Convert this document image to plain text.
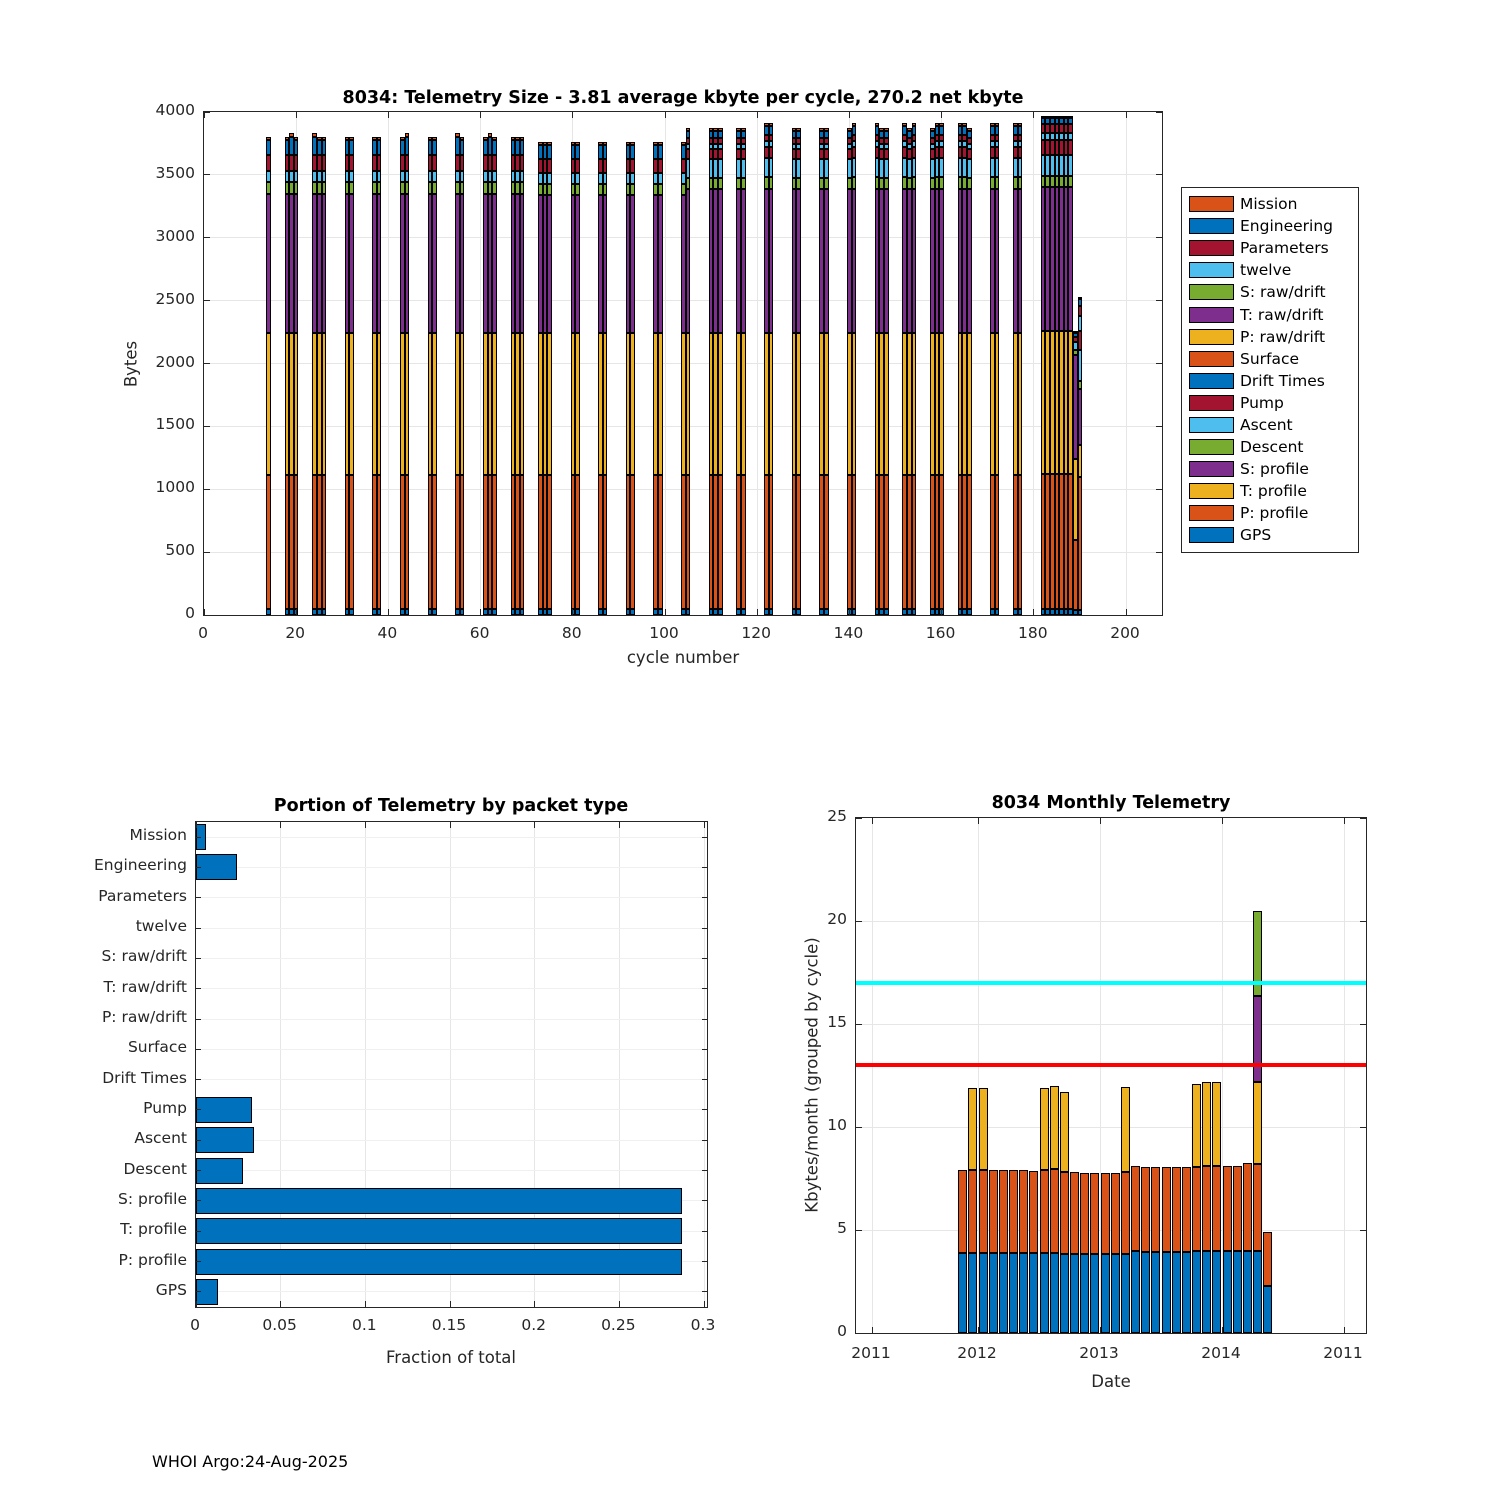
8034: Telemetry Size - 3.81 average kbyte per cycle, 270.2 net kbyte
Bytes
cycle number
Mission
Engineering
Parameters
twelve
S: raw/drift
T: raw/drift
P: raw/drift
Surface
Drift Times
Pump
Ascent
Descent
S: profile
T: profile
P: profile
GPS
Portion of Telemetry by packet type
Fraction of total
8034 Monthly Telemetry
Kbytes/month (grouped by cycle)
Date
WHOI Argo:24-Aug-2025
0	20	40	60	80	100	120	140	160	180	200
0
500
1000
1500
2000
2500
3000
3500
4000
0	0.05	0.1	0.15	0.2	0.25	0.3
Mission
Engineering
Parameters
twelve
S: raw/drift
T: raw/drift
P: raw/drift
Surface
Drift Times
Pump
Ascent
Descent
S: profile
T: profile
P: profile
GPS
0
5
10
15
20
25
2011	2012	2013	2014	2011
